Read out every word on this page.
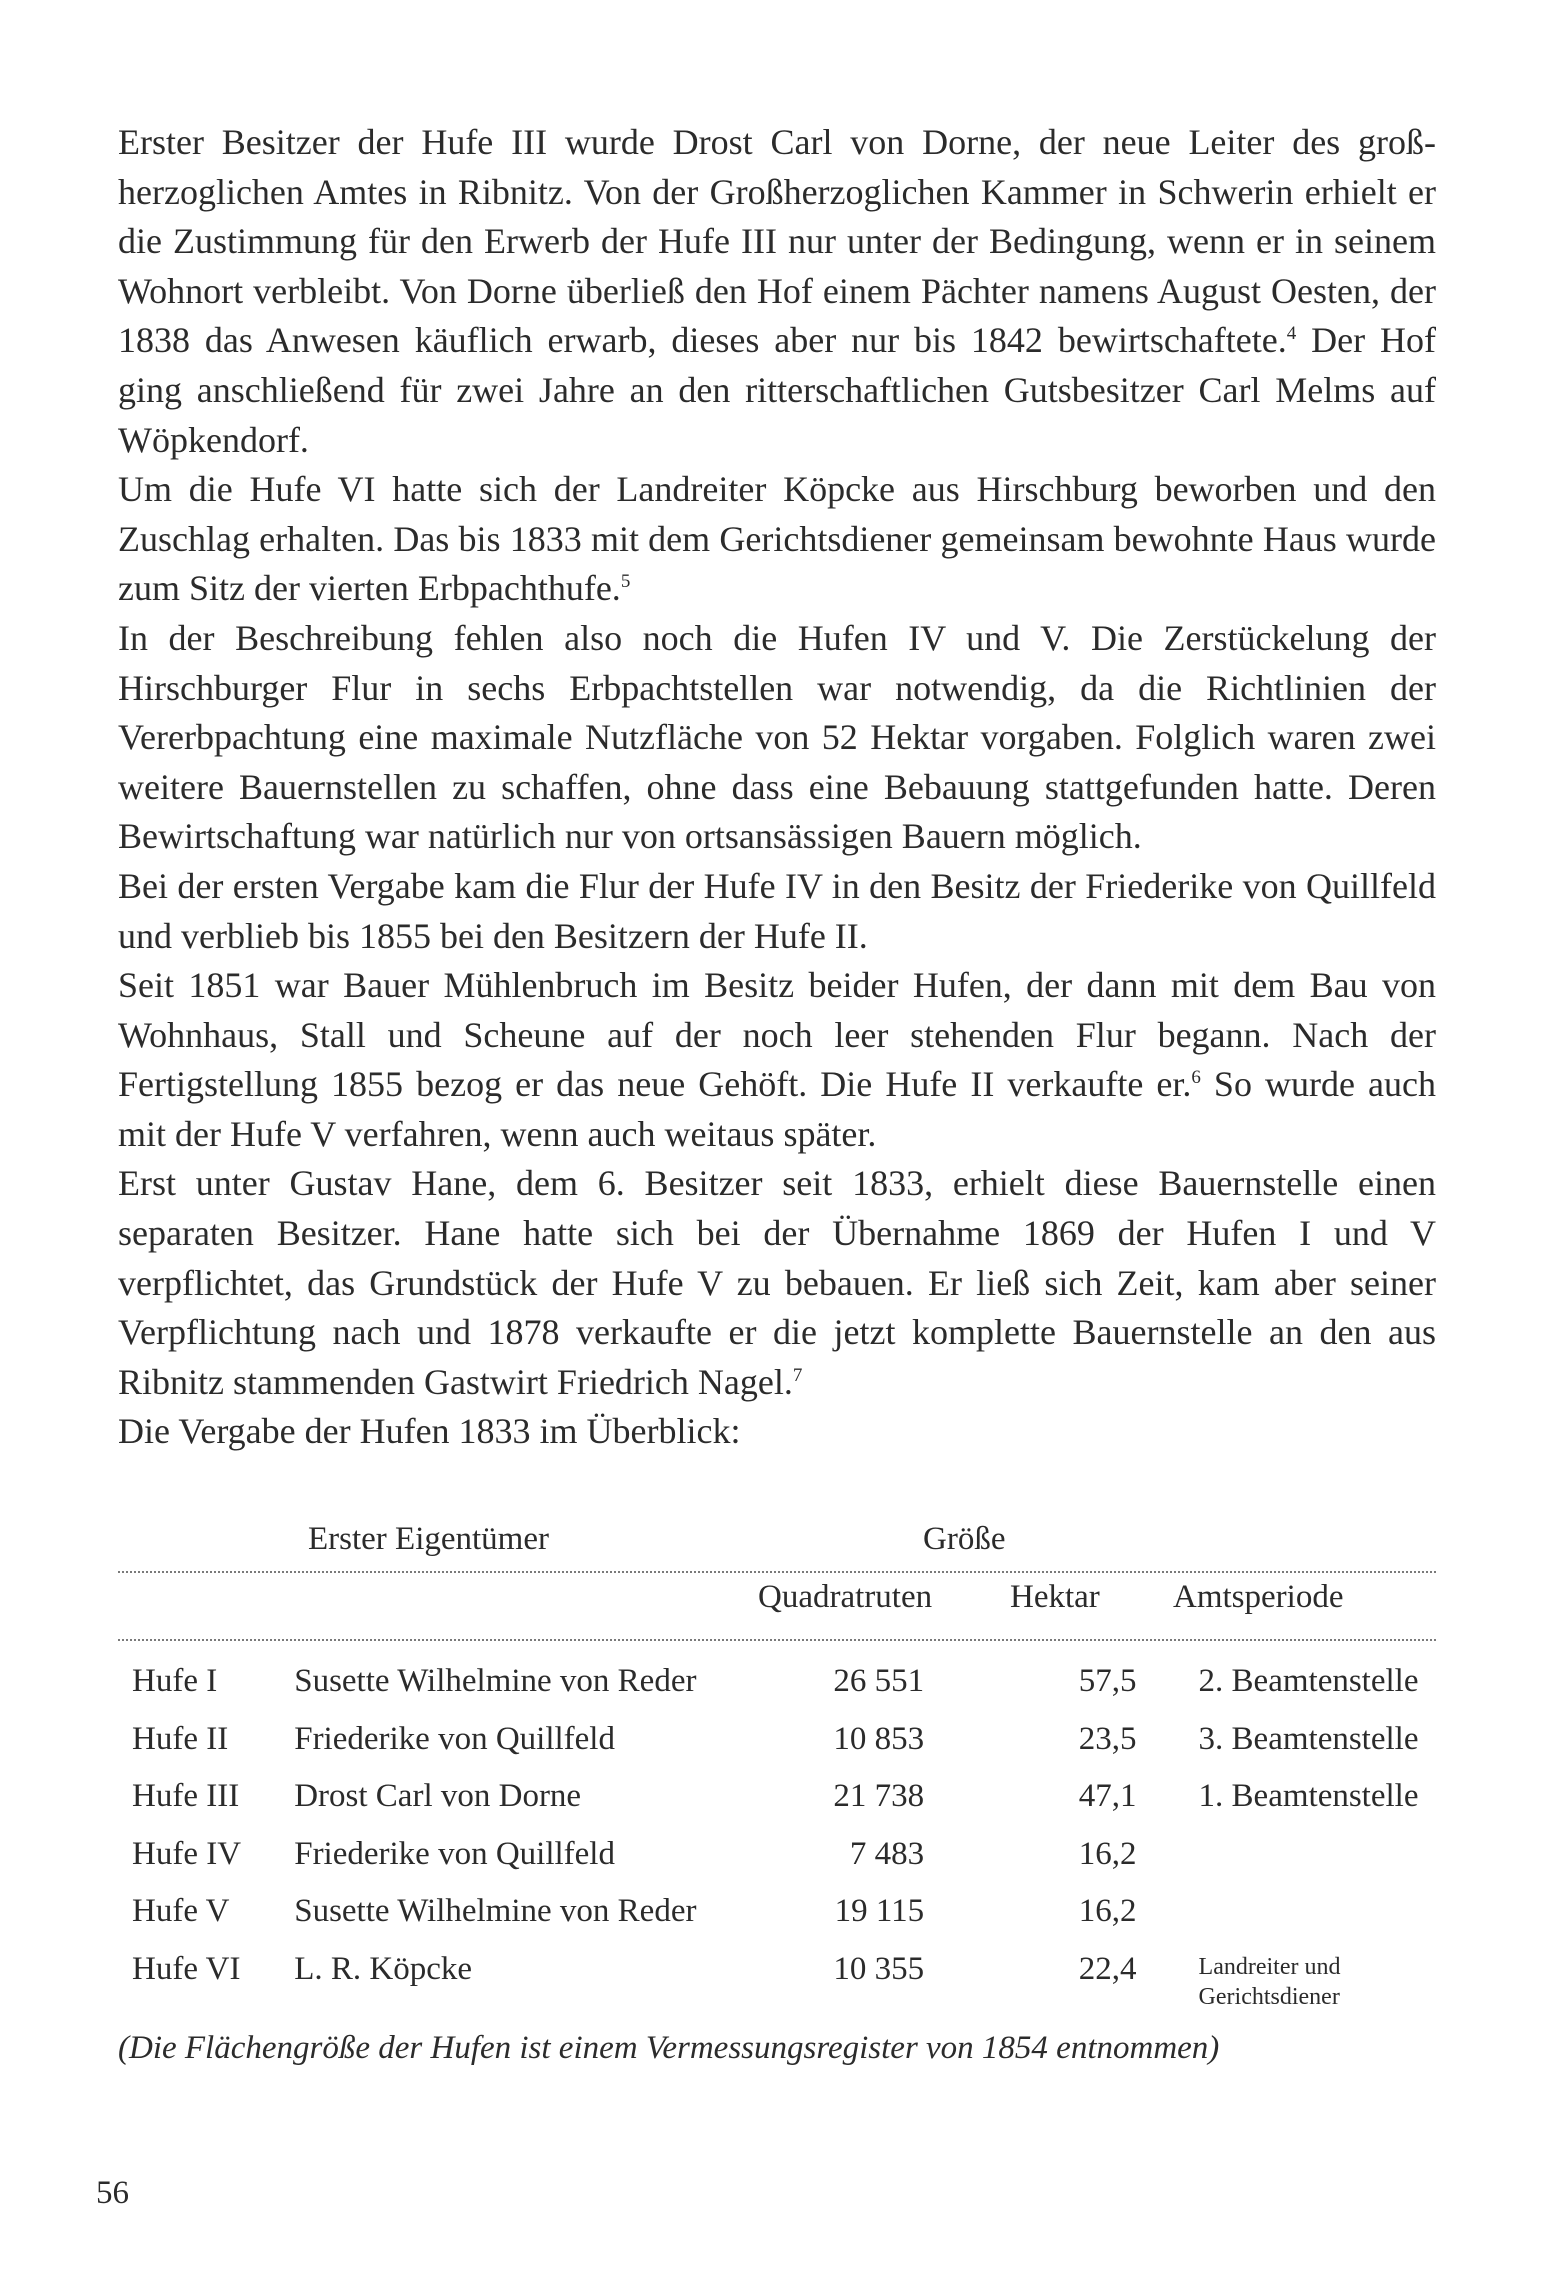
Erster Besitzer der Hufe III wurde Drost Carl von Dorne, der neue Leiter des großherzoglichen Amtes in Ribnitz. Von der Großherzoglichen Kammer in Schwerin erhielt er die Zustimmung für den Erwerb der Hufe III nur unter der Bedingung, wenn er in seinem Wohnort verbleibt. Von Dorne überließ den Hof einem Pächter namens August Oesten, der 1838 das Anwesen käuflich erwarb, dieses aber nur bis 1842 bewirtschaftete.$^4$ Der Hof ging anschließend für zwei Jahre an den ritterschaftlichen Gutsbesitzer Carl Melms auf Wöpkendorf.

Um die Hufe VI hatte sich der Landreiter Köpcke aus Hirschburg beworben und den Zuschlag erhalten. Das bis 1833 mit dem Gerichtsdiener gemeinsam bewohnte Haus wurde zum Sitz der vierten Erbpachthufe.$^5$

In der Beschreibung fehlen also noch die Hufen IV und V. Die Zerstückelung der Hirschburger Flur in sechs Erbpachtstellen war notwendig, da die Richtlinien der Vererbpachtung eine maximale Nutzfläche von 52 Hektar vorgaben. Folglich waren zwei weitere Bauernstellen zu schaffen, ohne dass eine Bebauung stattgefunden hatte. Deren Bewirtschaftung war natürlich nur von ortsansässigen Bauern möglich.

Bei der ersten Vergabe kam die Flur der Hufe IV in den Besitz der Friederike von Quillfeld und verblieb bis 1855 bei den Besitzern der Hufe II.

Seit 1851 war Bauer Mühlenbruch im Besitz beider Hufen, der dann mit dem Bau von Wohnhaus, Stall und Scheune auf der noch leer stehenden Flur begann. Nach der Fertigstellung 1855 bezog er das neue Gehöft. Die Hufe II verkaufte er.$^6$ So wurde auch mit der Hufe V verfahren, wenn auch weitaus später.

Erst unter Gustav Hane, dem 6. Besitzer seit 1833, erhielt diese Bauernstelle einen separaten Besitzer. Hane hatte sich bei der Übernahme 1869 der Hufen I und V verpflichtet, das Grundstück der Hufe V zu bebauen. Er ließ sich Zeit, kam aber seiner Verpflichtung nach und 1878 verkaufte er die jetzt komplette Bauernstelle an den aus Ribnitz stammenden Gastwirt Friedrich Nagel.$^7$

Die Vergabe der Hufen 1833 im Überblick:

Erster Eigentümer	Größe
Quadratruten Hektar Amtsperiode
Hufe I	Susette Wilhelmine von Reder	26 551	57,5	2. Beamtenstelle
Hufe II	Friederike von Quillfeld	10 853	23,5	3. Beamtenstelle
Hufe III	Drost Carl von Dorne	21 738	47,1	1. Beamtenstelle
Hufe IV	Friederike von Quillfeld	7 483	16,2	
Hufe V	Susette Wilhelmine von Reder	19 115	16,2	
Hufe VI	L. R. Köpcke	10 355	22,4	Landreiter und
Gerichtsdiener
(Die Flächengröße der Hufen ist einem Vermessungsregister von 1854 entnommen)
56
